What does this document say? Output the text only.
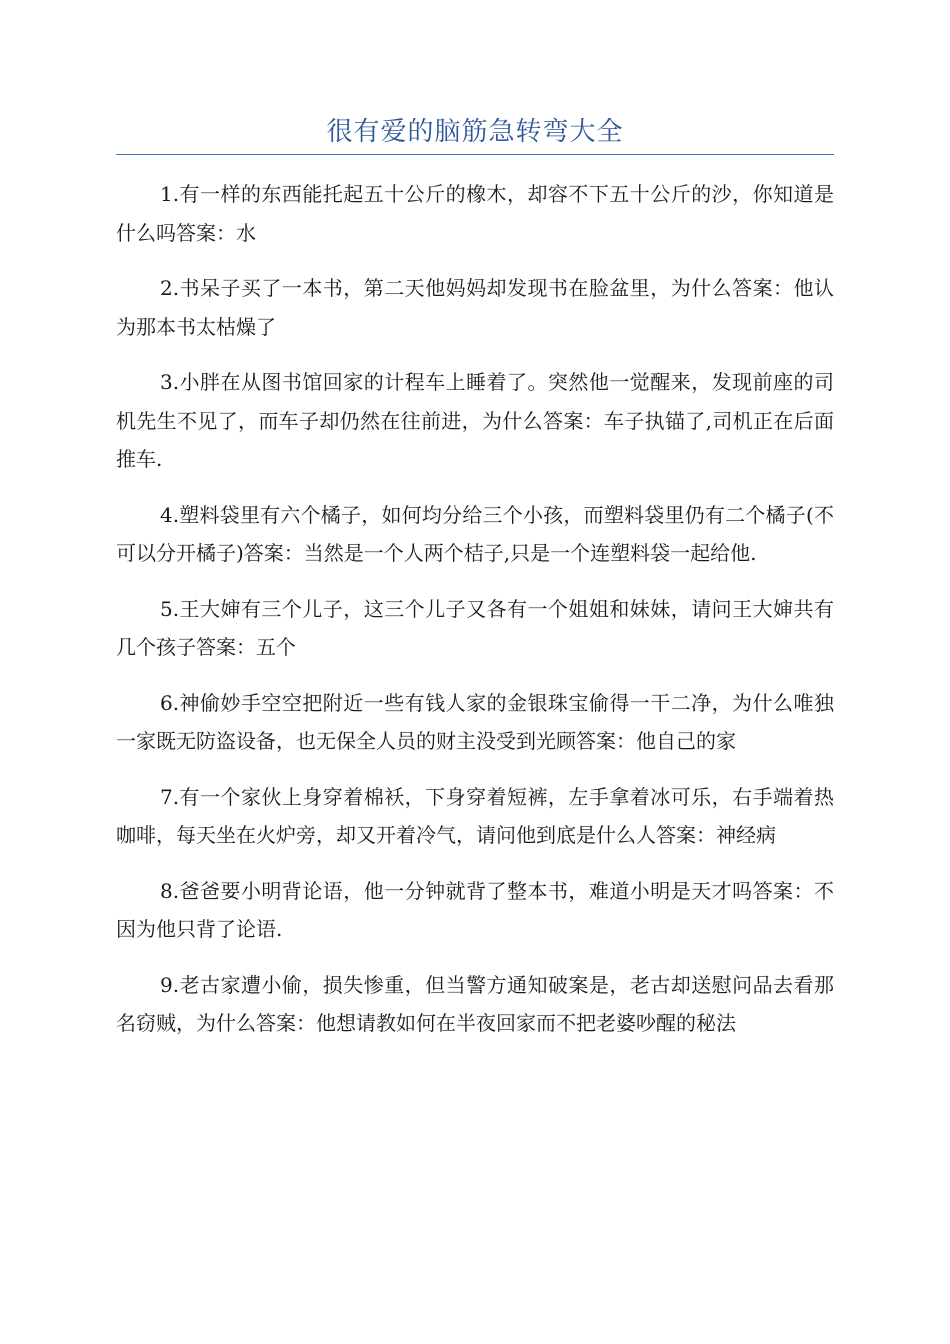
很有爱的脑筋急转弯大全

1.有一样的东西能托起五十公斤的橡木，却容不下五十公斤的沙，你知道是什么吗答案：水

2.书呆子买了一本书，第二天他妈妈却发现书在脸盆里，为什么答案：他认为那本书太枯燥了

3.小胖在从图书馆回家的计程车上睡着了。突然他一觉醒来，发现前座的司机先生不见了，而车子却仍然在往前进，为什么答案：车子执锚了,司机正在后面推车.

4.塑料袋里有六个橘子，如何均分给三个小孩，而塑料袋里仍有二个橘子(不可以分开橘子)答案：当然是一个人两个桔子,只是一个连塑料袋一起给他.

5.王大婶有三个儿子，这三个儿子又各有一个姐姐和妹妹，请问王大婶共有几个孩子答案：五个

6.神偷妙手空空把附近一些有钱人家的金银珠宝偷得一干二净，为什么唯独一家既无防盗设备，也无保全人员的财主没受到光顾答案：他自己的家

7.有一个家伙上身穿着棉袄，下身穿着短裤，左手拿着冰可乐，右手端着热咖啡，每天坐在火炉旁，却又开着冷气，请问他到底是什么人答案：神经病

8.爸爸要小明背论语，他一分钟就背了整本书，难道小明是天才吗答案：不因为他只背了论语.

9.老古家遭小偷，损失惨重，但当警方通知破案是，老古却送慰问品去看那名窃贼，为什么答案：他想请教如何在半夜回家而不把老婆吵醒的秘法
